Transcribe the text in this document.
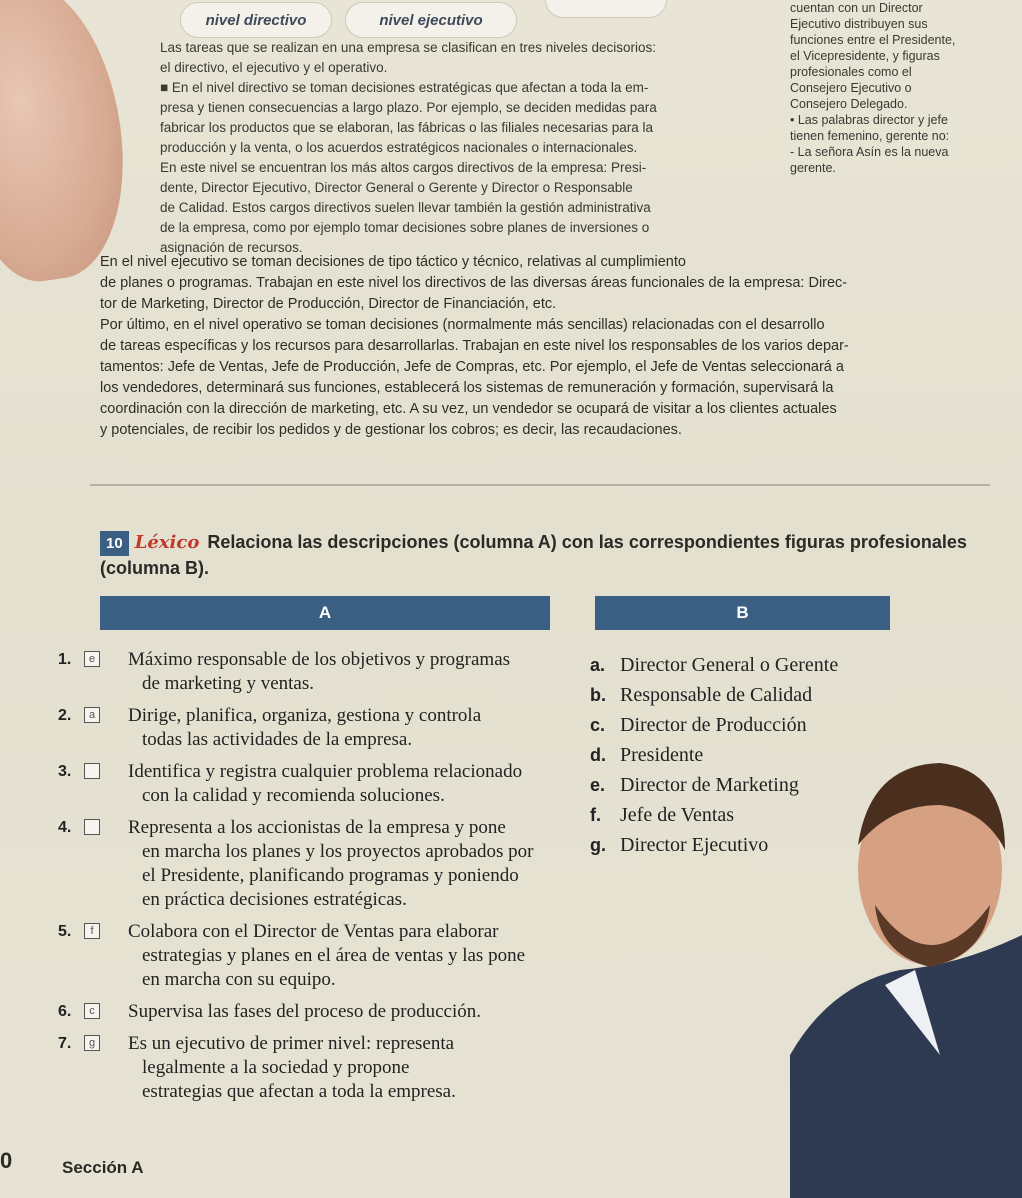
nivel directivo	nivel ejecutivo

cuentan con un Director

Ejecutivo distribuyen sus

funciones entre el Presidente,

el Vicepresidente, y figuras

profesionales como el

Consejero Ejecutivo o

Consejero Delegado.

• Las palabras director y jefe

tienen femenino, gerente no:

- La señora Asín es la nueva

gerente.

Las tareas que se realizan en una empresa se clasifican en tres niveles decisorios:

el directivo, el ejecutivo y el operativo.

■ En el nivel directivo se toman decisiones estratégicas que afectan a toda la em-

presa y tienen consecuencias a largo plazo. Por ejemplo, se deciden medidas para

fabricar los productos que se elaboran, las fábricas o las filiales necesarias para la

producción y la venta, o los acuerdos estratégicos nacionales o internacionales.

En este nivel se encuentran los más altos cargos directivos de la empresa: Presi-

dente, Director Ejecutivo, Director General o Gerente y Director o Responsable

de Calidad. Estos cargos directivos suelen llevar también la gestión administrativa

de la empresa, como por ejemplo tomar decisiones sobre planes de inversiones o

asignación de recursos.

En el nivel ejecutivo se toman decisiones de tipo táctico y técnico, relativas al cumplimiento

de planes o programas. Trabajan en este nivel los directivos de las diversas áreas funcionales de la empresa: Direc-

tor de Marketing, Director de Producción, Director de Financiación, etc.

Por último, en el nivel operativo se toman decisiones (normalmente más sencillas) relacionadas con el desarrollo

de tareas específicas y los recursos para desarrollarlas. Trabajan en este nivel los responsables de los varios depar-

tamentos: Jefe de Ventas, Jefe de Producción, Jefe de Compras, etc. Por ejemplo, el Jefe de Ventas seleccionará a

los vendedores, determinará sus funciones, establecerá los sistemas de remuneración y formación, supervisará la

coordinación con la dirección de marketing, etc. A su vez, un vendedor se ocupará de visitar a los clientes actuales

y potenciales, de recibir los pedidos y de gestionar los cobros; es decir, las recaudaciones.

10 Léxico Relaciona las descripciones (columna A) con las correspondientes figuras profesionales
(columna B).
A	B
1.	e Máximo responsable de los objetivos y programas
de marketing y ventas.
2.	a Dirige, planifica, organiza, gestiona y controla
todas las actividades de la empresa.
3.	Identifica y registra cualquier problema relacionado
con la calidad y recomienda soluciones.
4.	Representa a los accionistas de la empresa y pone
en marcha los planes y los proyectos aprobados por
el Presidente, planificando programas y poniendo
en práctica decisiones estratégicas.
5.	f	Colabora con el Director de Ventas para elaborar
estrategias y planes en el área de ventas y las pone
en marcha con su equipo.
6.	c Supervisa las fases del proceso de producción.
7.	g Es un ejecutivo de primer nivel: representa
legalmente a la sociedad y propone
estrategias que afectan a toda la empresa.
a. Director General o Gerente
b. Responsable de Calidad
c. Director de Producción
d. Presidente
e. Director de Marketing
f. Jefe de Ventas
g. Director Ejecutivo
0	Sección A
